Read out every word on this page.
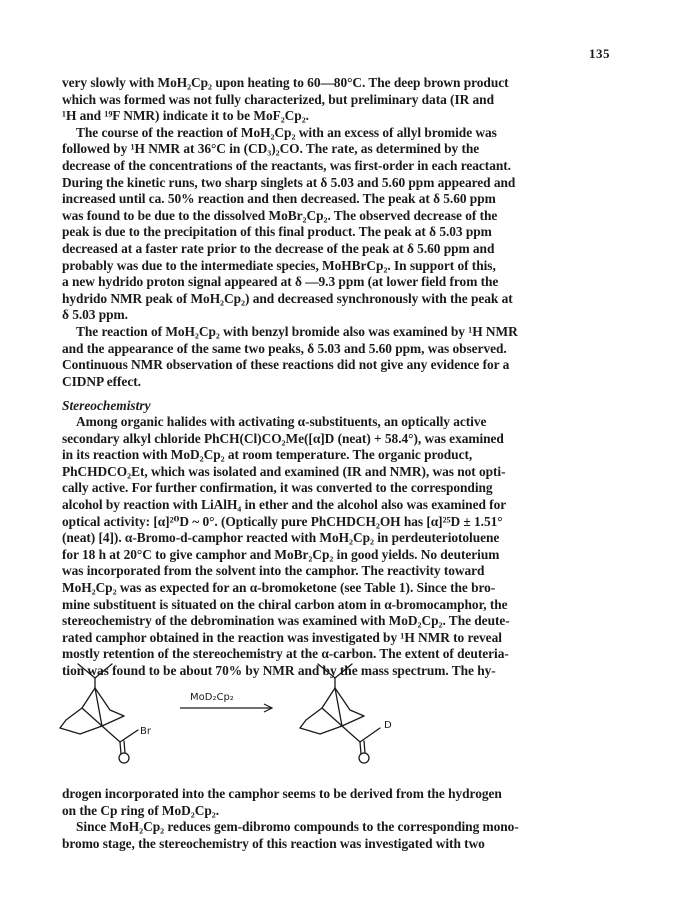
135
very slowly with MoH₂Cp₂ upon heating to 60—80°C. The deep brown product
which was formed was not fully characterized, but preliminary data (IR and
¹H and ¹⁹F NMR) indicate it to be MoF₂Cp₂.
The course of the reaction of MoH₂Cp₂ with an excess of allyl bromide was
followed by ¹H NMR at 36°C in (CD₃)₂CO. The rate, as determined by the
decrease of the concentrations of the reactants, was first-order in each reactant.
During the kinetic runs, two sharp singlets at δ 5.03 and 5.60 ppm appeared and
increased until ca. 50% reaction and then decreased. The peak at δ 5.60 ppm
was found to be due to the dissolved MoBr₂Cp₂. The observed decrease of the
peak is due to the precipitation of this final product. The peak at δ 5.03 ppm
decreased at a faster rate prior to the decrease of the peak at δ 5.60 ppm and
probably was due to the intermediate species, MoHBrCp₂. In support of this,
a new hydrido proton signal appeared at δ —9.3 ppm (at lower field from the
hydrido NMR peak of MoH₂Cp₂) and decreased synchronously with the peak at
δ 5.03 ppm.
The reaction of MoH₂Cp₂ with benzyl bromide also was examined by ¹H NMR
and the appearance of the same two peaks, δ 5.03 and 5.60 ppm, was observed.
Continuous NMR observation of these reactions did not give any evidence for a
CIDNP effect.
Stereochemistry
Among organic halides with activating α-substituents, an optically active
secondary alkyl chloride PhCH(Cl)CO₂Me([α]D (neat) + 58.4°), was examined
in its reaction with MoD₂Cp₂ at room temperature. The organic product,
PhCHDCO₂Et, which was isolated and examined (IR and NMR), was not opti-
cally active. For further confirmation, it was converted to the corresponding
alcohol by reaction with LiAlH₄ in ether and the alcohol also was examined for
optical activity: [α]²⁰D ~ 0°. (Optically pure PhCHDCH₂OH has [α]²⁵D ± 1.51°
(neat) [4]). α-Bromo-d-camphor reacted with MoH₂Cp₂ in perdeuteriotoluene
for 18 h at 20°C to give camphor and MoBr₂Cp₂ in good yields. No deuterium
was incorporated from the solvent into the camphor. The reactivity toward
MoH₂Cp₂ was as expected for an α-bromoketone (see Table 1). Since the bro-
mine substituent is situated on the chiral carbon atom in α-bromocamphor, the
stereochemistry of the debromination was examined with MoD₂Cp₂. The deute-
rated camphor obtained in the reaction was investigated by ¹H NMR to reveal
mostly retention of the stereochemistry at the α-carbon. The extent of deuteria-
tion was found to be about 70% by NMR and by the mass spectrum. The hy-
Br
MoD₂Cp₂
D
drogen incorporated into the camphor seems to be derived from the hydrogen
on the Cp ring of MoD₂Cp₂.
Since MoH₂Cp₂ reduces gem-dibromo compounds to the corresponding mono-
bromo stage, the stereochemistry of this reaction was investigated with two
